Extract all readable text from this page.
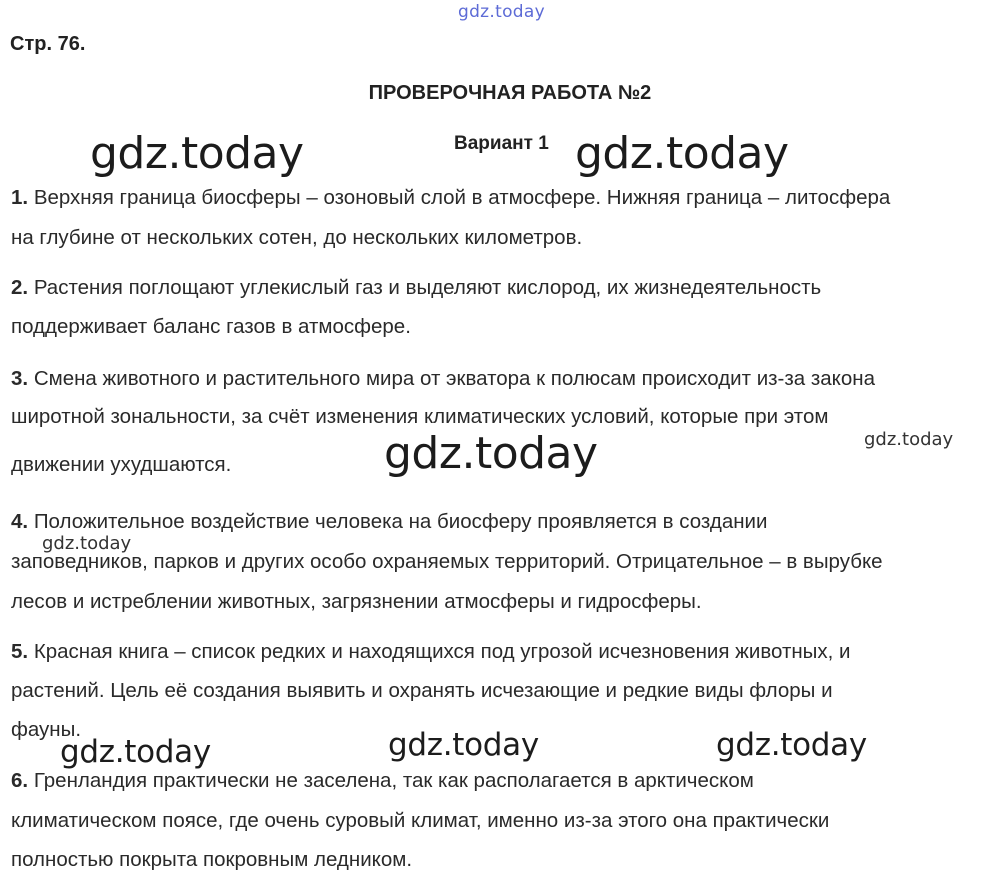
gdz.today
gdz.today	gdz.today
gdz.today	gdz.today
gdz.today
gdz.today	gdz.today	gdz.today
Стр. 76.
ПРОВЕРОЧНАЯ РАБОТА №2
Вариант 1
1. Верхняя граница биосферы – озоновый слой в атмосфере. Нижняя граница – литосфера
на глубине от нескольких сотен, до нескольких километров.
2. Растения поглощают углекислый газ и выделяют кислород, их жизнедеятельность
поддерживает баланс газов в атмосфере.
3. Смена животного и растительного мира от экватора к полюсам происходит из-за закона
широтной зональности, за счёт изменения климатических условий, которые при этом
движении ухудшаются.
4. Положительное воздействие человека на биосферу проявляется в создании
заповедников, парков и других особо охраняемых территорий. Отрицательное – в вырубке
лесов и истреблении животных, загрязнении атмосферы и гидросферы.
5. Красная книга – список редких и находящихся под угрозой исчезновения животных, и
растений. Цель её создания выявить и охранять исчезающие и редкие виды флоры и
фауны.
6. Гренландия практически не заселена, так как располагается в арктическом
климатическом поясе, где очень суровый климат, именно из-за этого она практически
полностью покрыта покровным ледником.
